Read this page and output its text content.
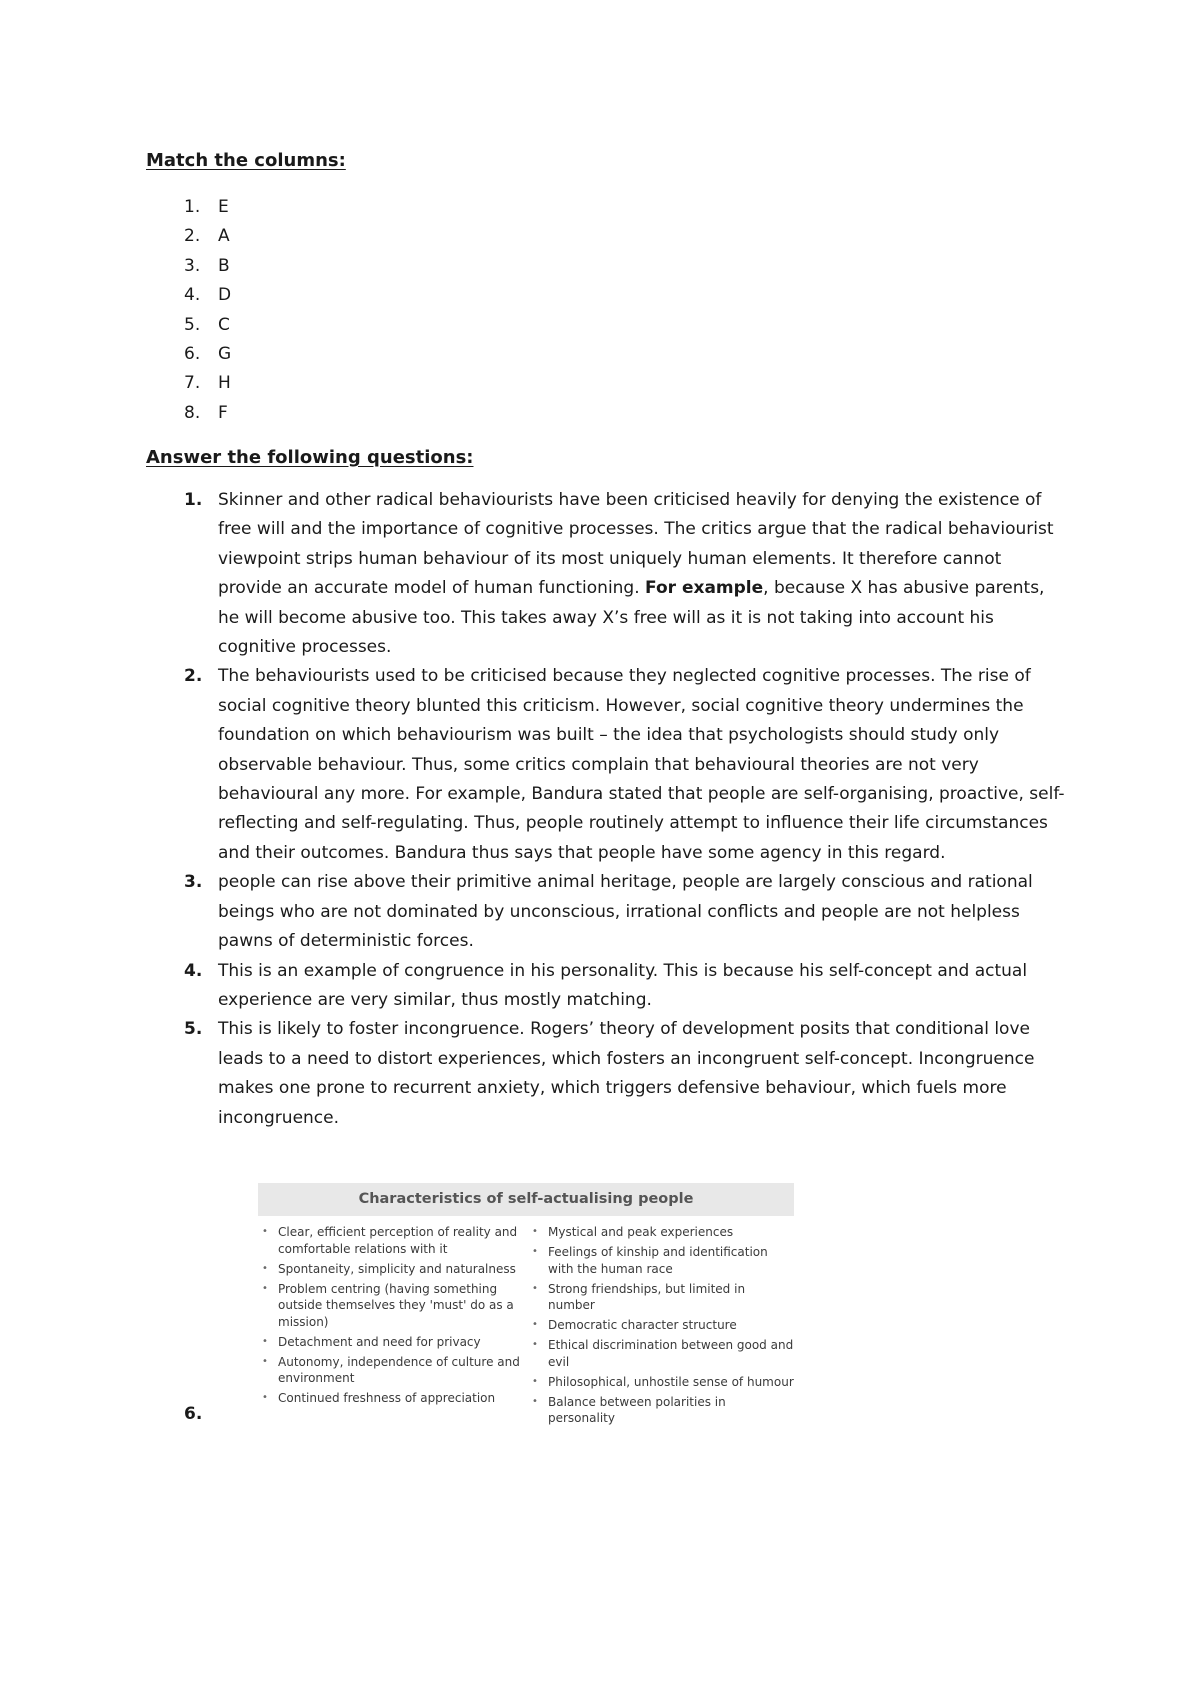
Match the columns:
1.	E
2.	A
3.	B
4.	D
5.	C
6.	G
7.	H
8.	F
Answer the following questions:
1. Skinner and other radical behaviourists have been criticised heavily for denying the existence of free will and the importance of cognitive processes. The critics argue that the radical behaviourist viewpoint strips human behaviour of its most uniquely human elements. It therefore cannot provide an accurate model of human functioning. For example, because X has abusive parents, he will become abusive too. This takes away X’s free will as it is not taking into account his cognitive processes.
2. The behaviourists used to be criticised because they neglected cognitive processes. The rise of social cognitive theory blunted this criticism. However, social cognitive theory undermines the foundation on which behaviourism was built – the idea that psychologists should study only observable behaviour. Thus, some critics complain that behavioural theories are not very behavioural any more. For example, Bandura stated that people are self-organising, proactive, self-reflecting and self-regulating. Thus, people routinely attempt to influence their life circumstances and their outcomes. Bandura thus says that people have some agency in this regard.
3. people can rise above their primitive animal heritage, people are largely conscious and rational beings who are not dominated by unconscious, irrational conflicts and people are not helpless pawns of deterministic forces.
4. This is an example of congruence in his personality. This is because his self-concept and actual experience are very similar, thus mostly matching.
5. This is likely to foster incongruence. Rogers’ theory of development posits that conditional love leads to a need to distort experiences, which fosters an incongruent self-concept. Incongruence makes one prone to recurrent anxiety, which triggers defensive behaviour, which fuels more incongruence.
Characteristics of self-actualising people
• Clear, efficient perception of reality and comfortable relations with it
• Spontaneity, simplicity and naturalness
• Problem centring (having something outside themselves they 'must' do as a mission)
• Detachment and need for privacy
• Autonomy, independence of culture and environment
• Continued freshness of appreciation
• Mystical and peak experiences
• Feelings of kinship and identification with the human race
• Strong friendships, but limited in number
• Democratic character structure
• Ethical discrimination between good and evil
• Philosophical, unhostile sense of humour
• Balance between polarities in personality
6.
